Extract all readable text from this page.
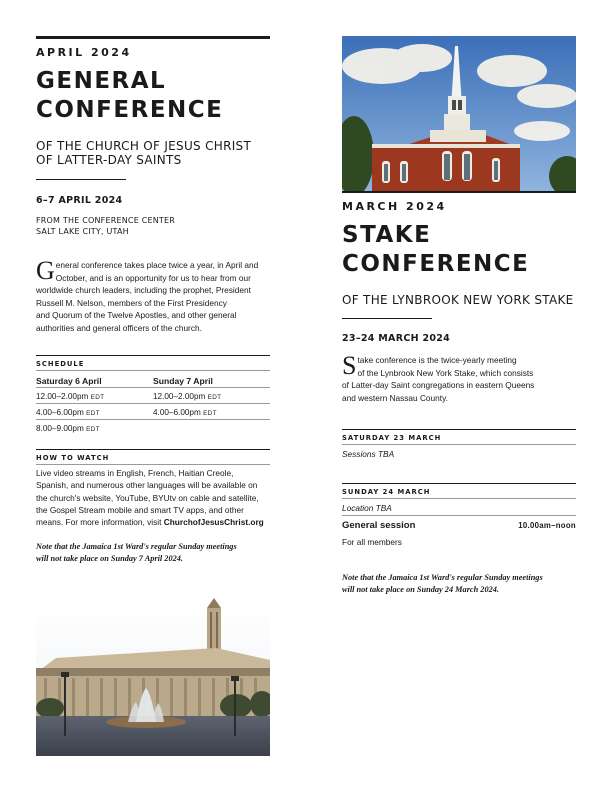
APRIL 2024
GENERAL
CONFERENCE
OF THE CHURCH OF JESUS CHRIST
OF LATTER-DAY SAINTS
6–7 APRIL 2024
FROM THE CONFERENCE CENTER
SALT LAKE CITY, UTAH
G eneral conference takes place twice a year, in April and
October, and is an opportunity for us to hear from our
worldwide church leaders, including the prophet, President
Russell M. Nelson, members of the First Presidency
and Quorum of the Twelve Apostles, and other general
authorities and general officers of the church.
SCHEDULE
Saturday 6 April	Sunday 7 April
12.00–2.00pm EDT	12.00–2.00pm EDT
4.00–6.00pm EDT	4.00–6.00pm EDT
8.00–9.00pm EDT
HOW TO WATCH
Live video streams in English, French, Haitian Creole,
Spanish, and numerous other languages will be available on
the church's website, YouTube, BYUtv on cable and satellite,
the Gospel Stream mobile and smart TV apps, and other
means. For more information, visit ChurchofJesusChrist.org
Note that the Jamaica 1st Ward's regular Sunday meetings
will not take place on Sunday 7 April 2024.
MARCH 2024
STAKE
CONFERENCE
OF THE LYNBROOK NEW YORK STAKE
23–24 MARCH 2024
S take conference is the twice-yearly meeting
of the Lynbrook New York Stake, which consists
of Latter-day Saint congregations in eastern Queens
and western Nassau County.
SATURDAY 23 MARCH
Sessions TBA
SUNDAY 24 MARCH
Location TBA
General session	10.00am–noon
For all members
Note that the Jamaica 1st Ward's regular Sunday meetings
will not take place on Sunday 24 March 2024.
